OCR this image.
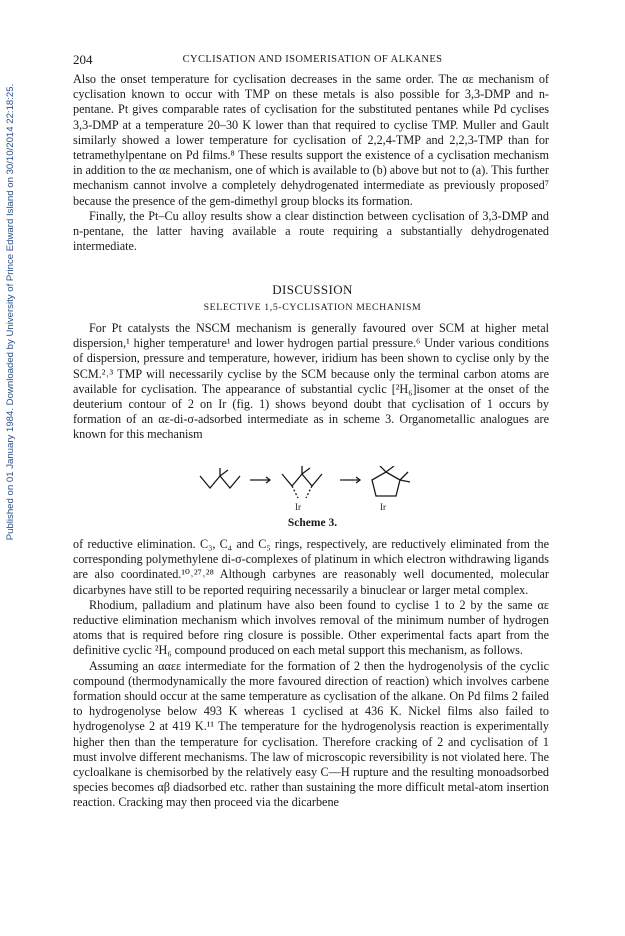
Published on 01 January 1984. Downloaded by University of Prince Edward Island on 30/10/2014 22:18:25.
204	CYCLISATION AND ISOMERISATION OF ALKANES

Also the onset temperature for cyclisation decreases in the same order. The αε mechanism of cyclisation known to occur with TMP on these metals is also possible for 3,3-DMP and n-pentane. Pt gives comparable rates of cyclisation for the substituted pentanes while Pd cyclises 3,3-DMP at a temperature 20–30 K lower than that required to cyclise TMP. Muller and Gault similarly showed a lower temperature for cyclisation of 2,2,4-TMP and 2,2,3-TMP than for tetramethylpentane on Pd films.⁸ These results support the existence of a cyclisation mechanism in addition to the αε mechanism, one of which is available to (b) above but not to (a). This further mechanism cannot involve a completely dehydrogenated intermediate as previously proposed⁷ because the presence of the gem-dimethyl group blocks its formation.

Finally, the Pt–Cu alloy results show a clear distinction between cyclisation of 3,3-DMP and n-pentane, the latter having available a route requiring a substantially dehydrogenated intermediate.

DISCUSSION
SELECTIVE 1,5-CYCLISATION MECHANISM

For Pt catalysts the NSCM mechanism is generally favoured over SCM at higher metal dispersion,¹ higher temperature¹ and lower hydrogen partial pressure.⁶ Under various conditions of dispersion, pressure and temperature, however, iridium has been shown to cyclise only by the SCM.²˒³ TMP will necessarily cyclise by the SCM because only the terminal carbon atoms are available for cyclisation. The appearance of substantial cyclic [²H₆]isomer at the onset of the deuterium contour of 2 on Ir (fig. 1) shows beyond doubt that cyclisation of 1 occurs by formation of an αε-di-σ-adsorbed intermediate as in scheme 3. Organometallic analogues are known for this mechanism

Ir	Ir
Scheme 3.

of reductive elimination. C₃, C₄ and C₅ rings, respectively, are reductively eliminated from the corresponding polymethylene di-σ-complexes of platinum in which electron withdrawing ligands are also coordinated.¹⁰˒²⁷˒²⁸ Although carbynes are reasonably well documented, molecular dicarbynes have still to be reported requiring necessarily a binuclear or larger metal complex.

Rhodium, palladium and platinum have also been found to cyclise 1 to 2 by the same αε reductive elimination mechanism which involves removal of the minimum number of hydrogen atoms that is required before ring closure is possible. Other experimental facts apart from the definitive cyclic ²H₆ compound produced on each metal support this mechanism, as follows.

Assuming an ααεε intermediate for the formation of 2 then the hydrogenolysis of the cyclic compound (thermodynamically the more favoured direction of reaction) which involves carbene formation should occur at the same temperature as cyclisation of the alkane. On Pd films 2 failed to hydrogenolyse below 493 K whereas 1 cyclised at 436 K. Nickel films also failed to hydrogenolyse 2 at 419 K.¹¹ The temperature for the hydrogenolysis reaction is experimentally higher then than the temperature for cyclisation. Therefore cracking of 2 and cyclisation of 1 must involve different mechanisms. The law of microscopic reversibility is not violated here. The cycloalkane is chemisorbed by the relatively easy C—H rupture and the resulting monoadsorbed species becomes αβ diadsorbed etc. rather than sustaining the more difficult metal-atom insertion reaction. Cracking may then proceed via the dicarbene
